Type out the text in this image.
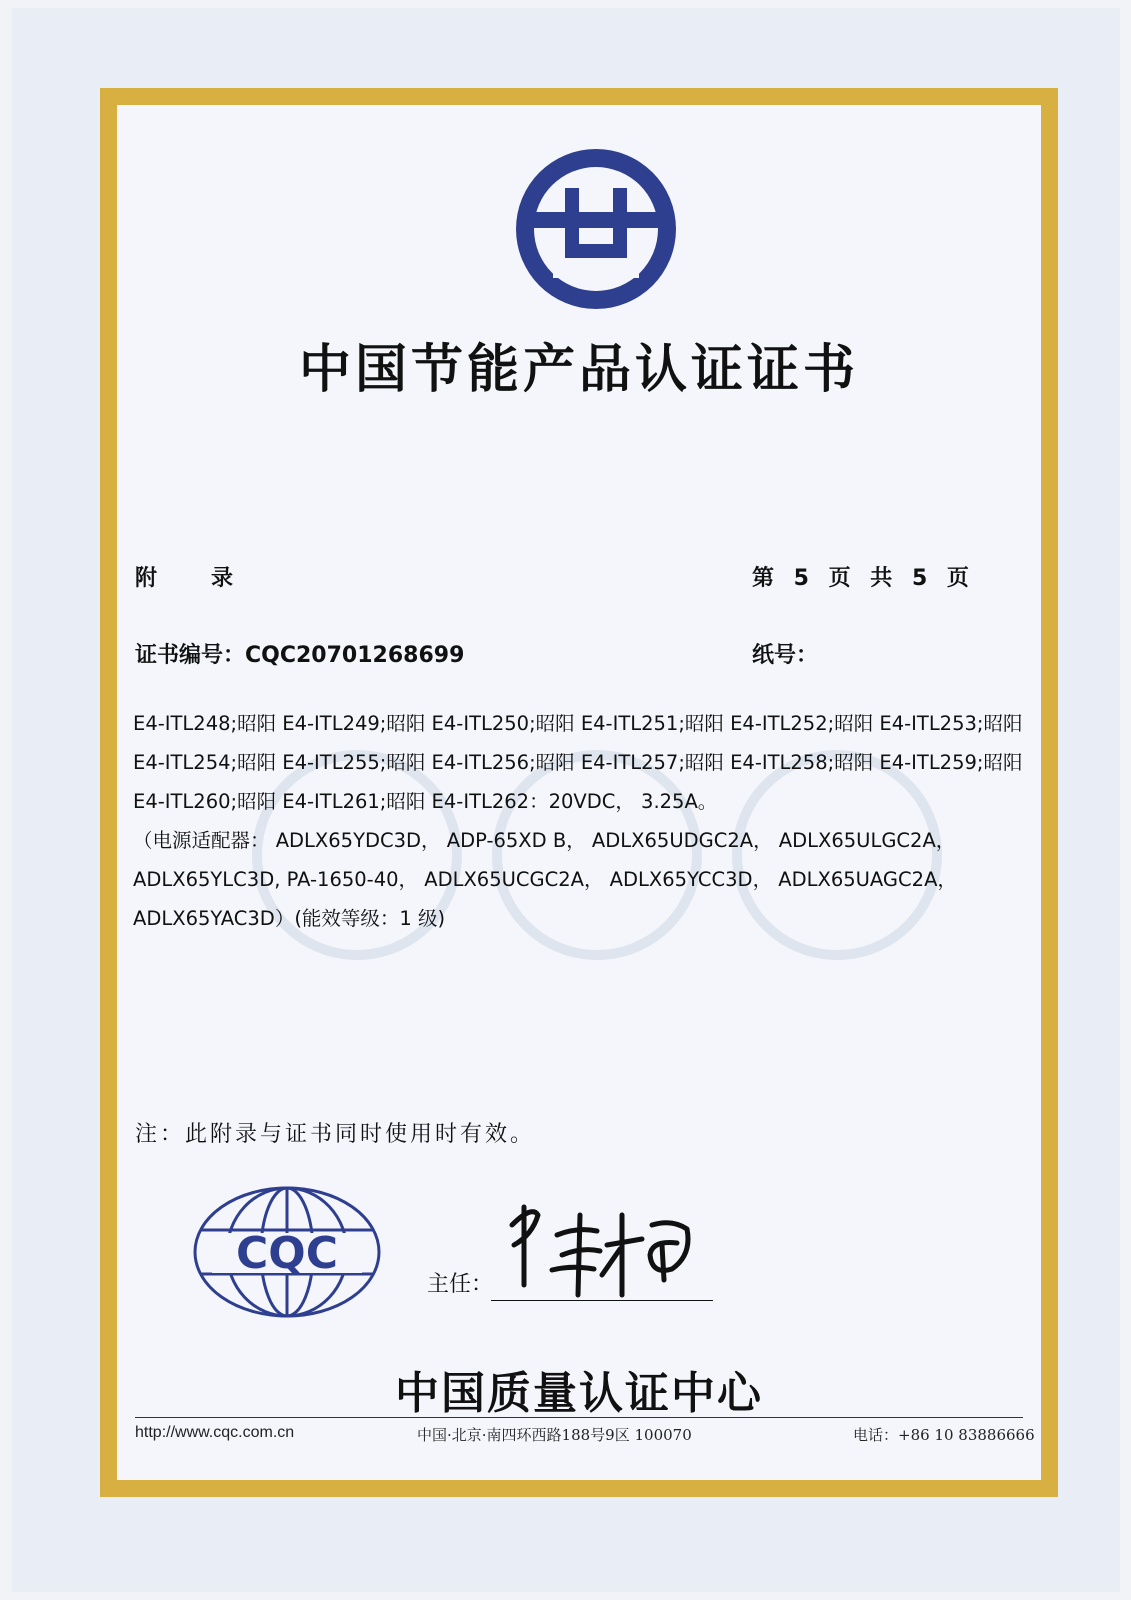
中国节能产品认证证书
附 录	第 5 页 共 5 页
证书编号：CQC20701268699	纸号：
E4-ITL248;昭阳 E4-ITL249;昭阳 E4-ITL250;昭阳 E4-ITL251;昭阳 E4-ITL252;昭阳 E4-ITL253;昭阳
E4-ITL254;昭阳 E4-ITL255;昭阳 E4-ITL256;昭阳 E4-ITL257;昭阳 E4-ITL258;昭阳 E4-ITL259;昭阳
E4-ITL260;昭阳 E4-ITL261;昭阳 E4-ITL262：20VDC， 3.25A。
（电源适配器： ADLX65YDC3D， ADP-65XD B， ADLX65UDGC2A， ADLX65ULGC2A，
ADLX65YLC3D, PA-1650-40， ADLX65UCGC2A， ADLX65YCC3D， ADLX65UAGC2A，
ADLX65YAC3D）(能效等级：1 级)
注：此附录与证书同时使用时有效。
CQC
主任：
中国质量认证中心
http://www.cqc.com.cn	中国·北京·南四环西路188号9区 100070	电话：+86 10 83886666
